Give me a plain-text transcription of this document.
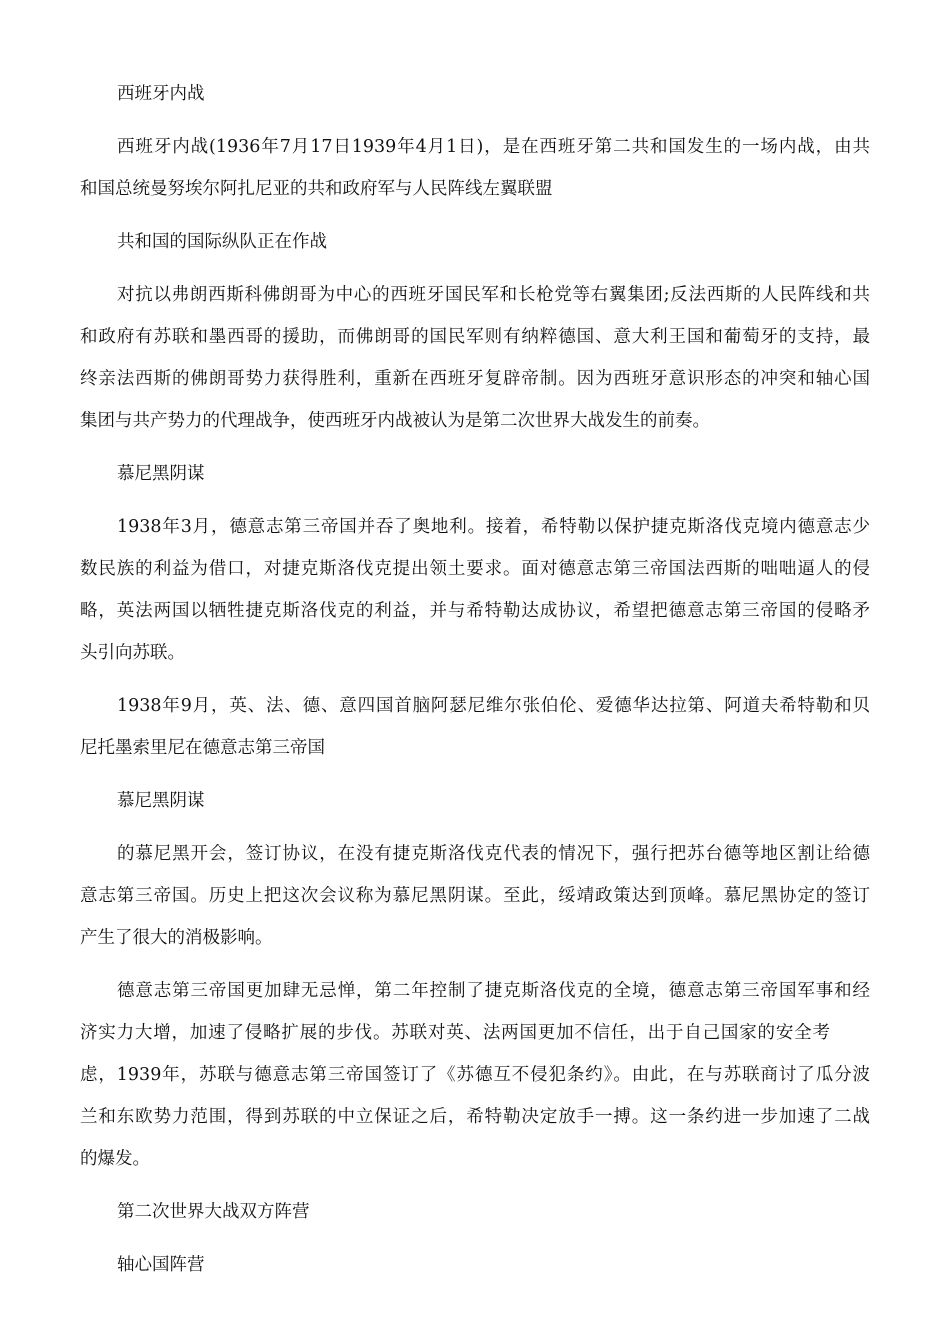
西班牙内战

西班牙内战(1936年7月17日1939年4月1日)，是在西班牙第二共和国发生的一场内战，由共

和国总统曼努埃尔阿扎尼亚的共和政府军与人民阵线左翼联盟

共和国的国际纵队正在作战

对抗以弗朗西斯科佛朗哥为中心的西班牙国民军和长枪党等右翼集团;反法西斯的人民阵线和共

和政府有苏联和墨西哥的援助，而佛朗哥的国民军则有纳粹德国、意大利王国和葡萄牙的支持，最

终亲法西斯的佛朗哥势力获得胜利，重新在西班牙复辟帝制。因为西班牙意识形态的冲突和轴心国

集团与共产势力的代理战争，使西班牙内战被认为是第二次世界大战发生的前奏。

慕尼黑阴谋

1938年3月，德意志第三帝国并吞了奥地利。接着，希特勒以保护捷克斯洛伐克境内德意志少

数民族的利益为借口，对捷克斯洛伐克提出领土要求。面对德意志第三帝国法西斯的咄咄逼人的侵

略，英法两国以牺牲捷克斯洛伐克的利益，并与希特勒达成协议，希望把德意志第三帝国的侵略矛

头引向苏联。

1938年9月，英、法、德、意四国首脑阿瑟尼维尔张伯伦、爱德华达拉第、阿道夫希特勒和贝

尼托墨索里尼在德意志第三帝国

慕尼黑阴谋

的慕尼黑开会，签订协议，在没有捷克斯洛伐克代表的情况下，强行把苏台德等地区割让给德

意志第三帝国。历史上把这次会议称为慕尼黑阴谋。至此，绥靖政策达到顶峰。慕尼黑协定的签订

产生了很大的消极影响。

德意志第三帝国更加肆无忌惮，第二年控制了捷克斯洛伐克的全境，德意志第三帝国军事和经

济实力大增，加速了侵略扩展的步伐。苏联对英、法两国更加不信任，出于自己国家的安全考

虑，1939年，苏联与德意志第三帝国签订了《苏德互不侵犯条约》。由此，在与苏联商讨了瓜分波

兰和东欧势力范围，得到苏联的中立保证之后，希特勒决定放手一搏。这一条约进一步加速了二战

的爆发。

第二次世界大战双方阵营

轴心国阵营
